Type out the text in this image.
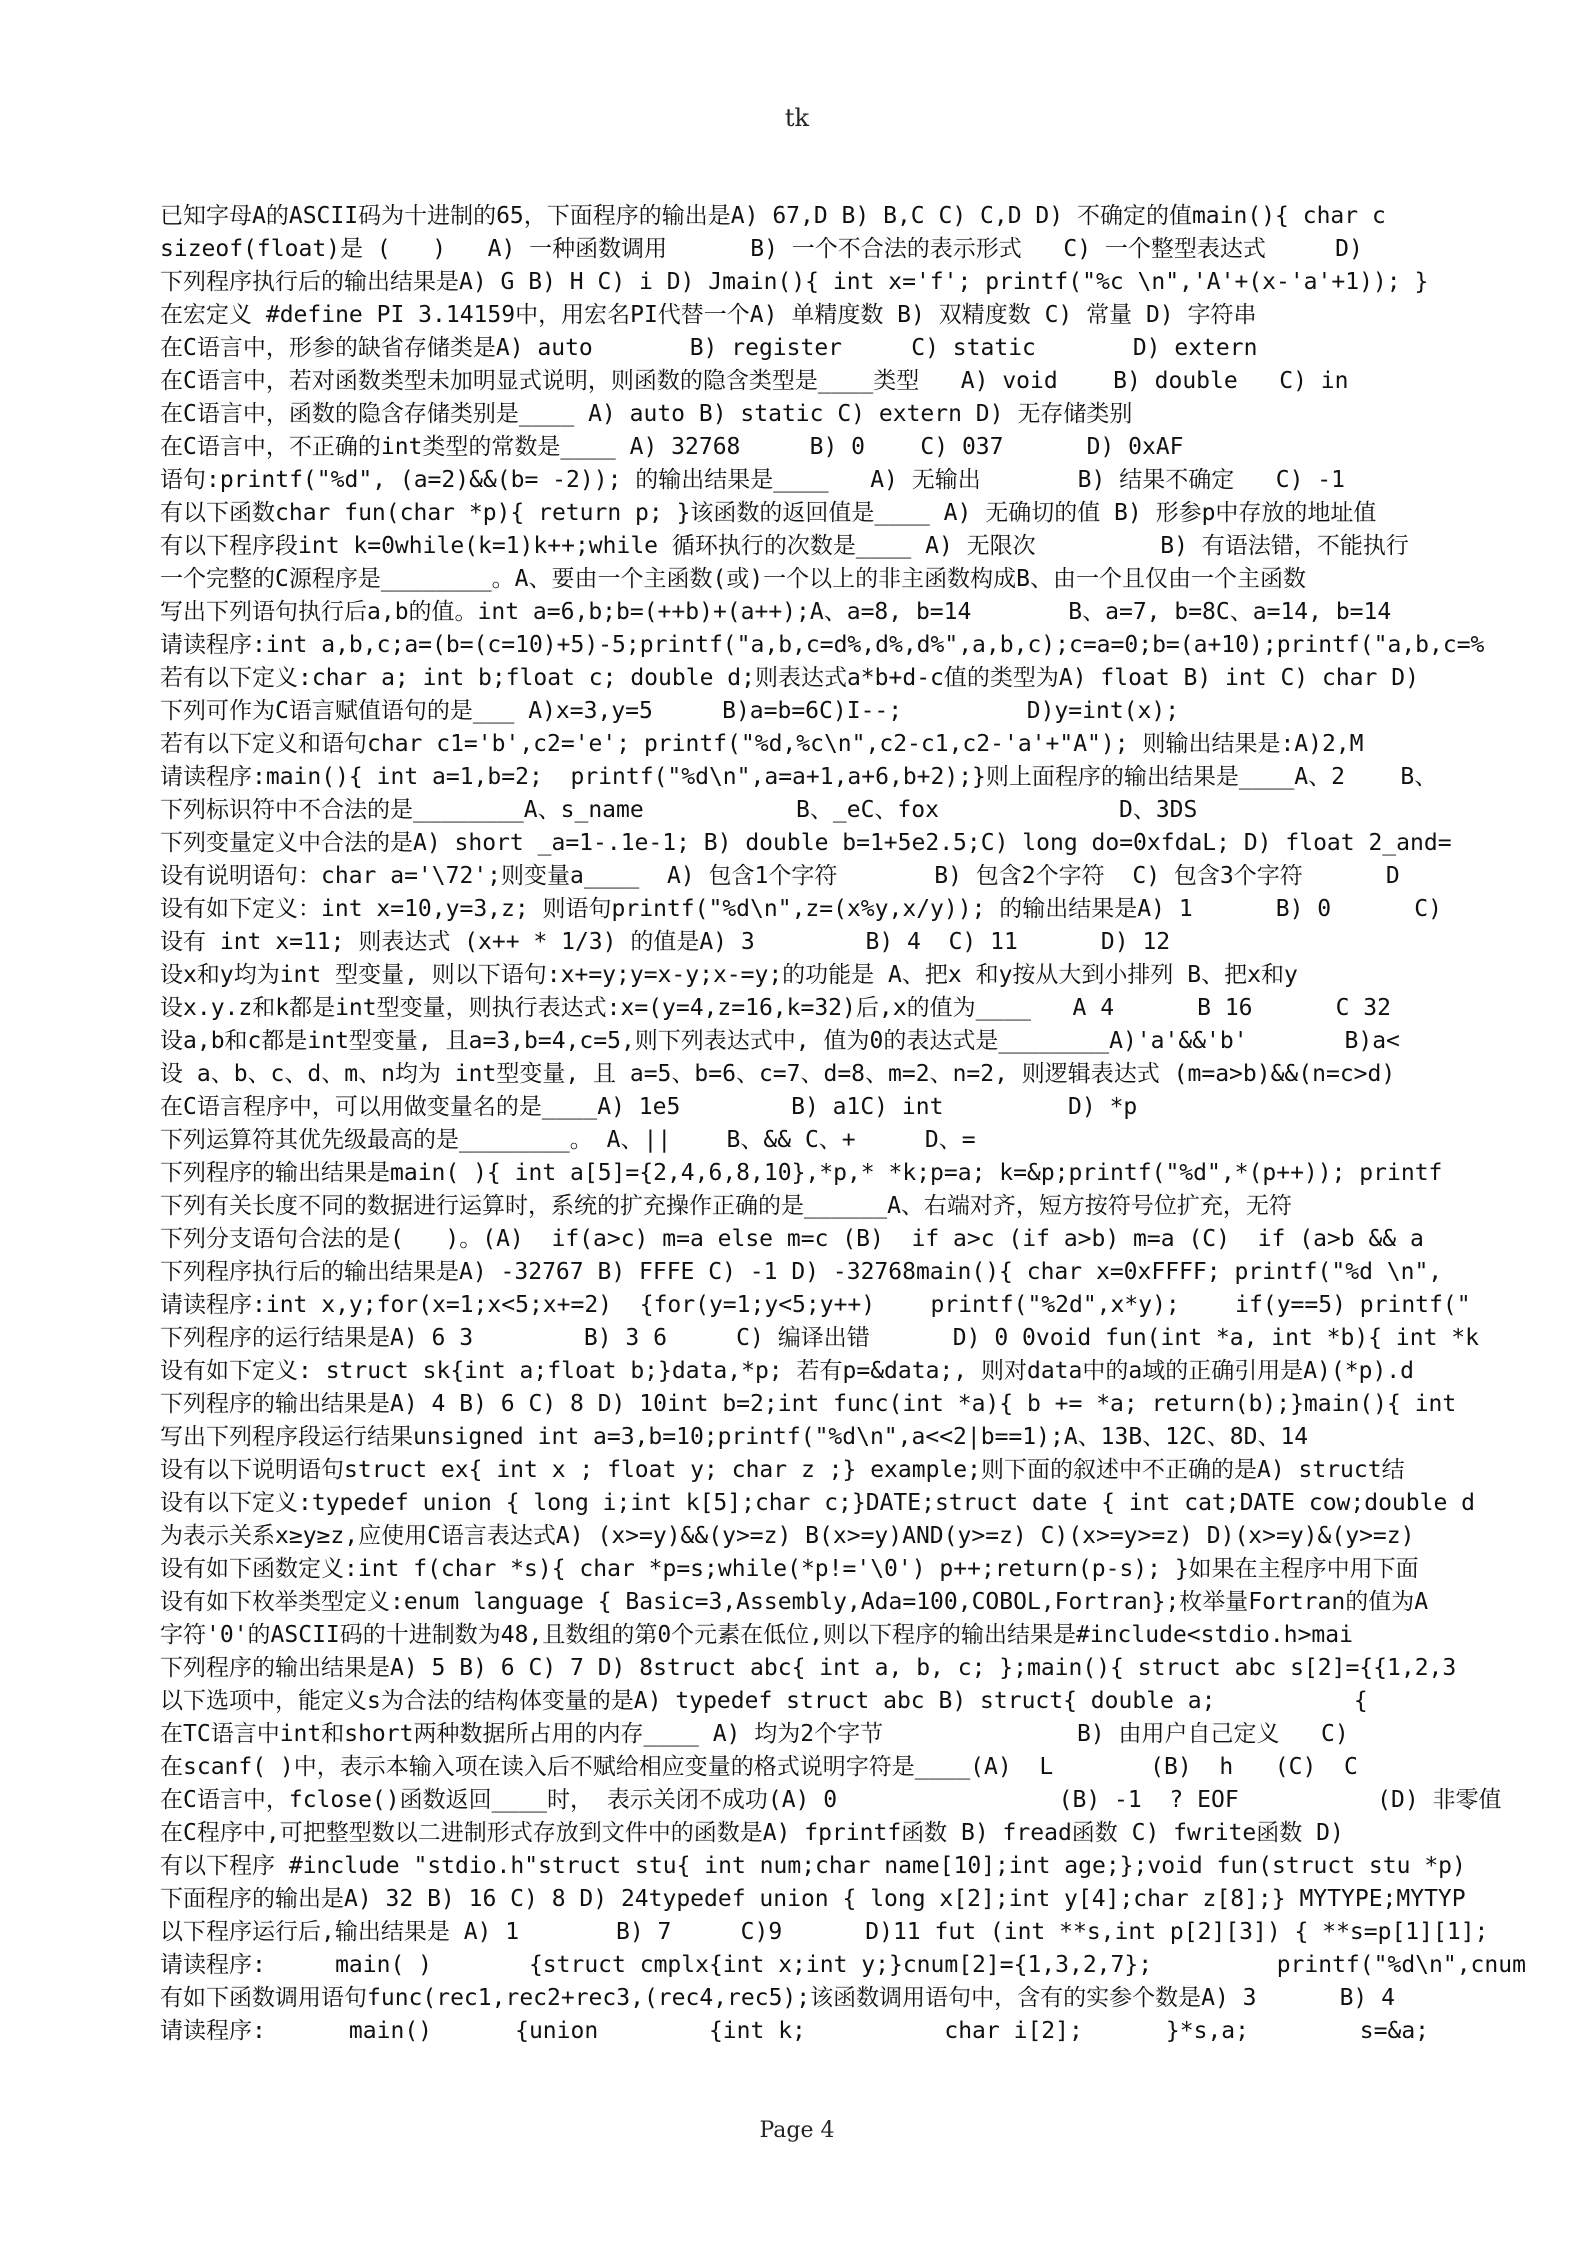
tk
已知字母A的ASCII码为十进制的65，下面程序的输出是A) 67,D B) B,C C) C,D D) 不确定的值main(){ char c
sizeof(float)是 (   )   A) 一种函数调用      B) 一个不合法的表示形式   C) 一个整型表达式     D)
下列程序执行后的输出结果是A) G B) H C) i D) Jmain(){ int x='f'; printf("%c \n",'A'+(x-'a'+1)); }
在宏定义 #define PI 3.14159中，用宏名PI代替一个A) 单精度数 B) 双精度数 C) 常量 D) 字符串
在C语言中，形参的缺省存储类是A) auto       B) register     C) static       D) extern
在C语言中，若对函数类型未加明显式说明，则函数的隐含类型是____类型   A) void    B) double   C) in
在C语言中，函数的隐含存储类别是____ A) auto B) static C) extern D) 无存储类别
在C语言中，不正确的int类型的常数是____ A) 32768     B) 0    C) 037      D) 0xAF
语句:printf("%d", (a=2)&&(b= -2)); 的输出结果是____   A) 无输出       B) 结果不确定   C) -1
有以下函数char fun(char *p){ return p; }该函数的返回值是____ A) 无确切的值 B) 形参p中存放的地址值
有以下程序段int k=0while(k=1)k++;while 循环执行的次数是____ A) 无限次         B) 有语法错，不能执行
一个完整的C源程序是________。A、要由一个主函数(或)一个以上的非主函数构成B、由一个且仅由一个主函数
写出下列语句执行后a,b的值。int a=6,b;b=(++b)+(a++);A、a=8, b=14       B、a=7, b=8C、a=14, b=14
请读程序:int a,b,c;a=(b=(c=10)+5)-5;printf("a,b,c=d%,d%,d%",a,b,c);c=a=0;b=(a+10);printf("a,b,c=%
若有以下定义:char a; int b;float c; double d;则表达式a*b+d-c值的类型为A) float B) int C) char D)
下列可作为C语言赋值语句的是___ A)x=3,y=5     B)a=b=6C)I--;         D)y=int(x);
若有以下定义和语句char c1='b',c2='e'; printf("%d,%c\n",c2-c1,c2-'a'+"A"); 则输出结果是:A)2,M
请读程序:main(){ int a=1,b=2;  printf("%d\n",a=a+1,a+6,b+2);}则上面程序的输出结果是____A、2    B、
下列标识符中不合法的是________A、s_name           B、_eC、fox             D、3DS
下列变量定义中合法的是A) short _a=1-.1e-1; B) double b=1+5e2.5;C) long do=0xfdaL; D) float 2_and=
设有说明语句：char a='\72';则变量a____  A) 包含1个字符       B) 包含2个字符  C) 包含3个字符      D
设有如下定义：int x=10,y=3,z; 则语句printf("%d\n",z=(x%y,x/y)); 的输出结果是A) 1      B) 0      C)
设有 int x=11; 则表达式 (x++ * 1/3) 的值是A) 3        B) 4  C) 11      D) 12
设x和y均为int 型变量, 则以下语句:x+=y;y=x-y;x-=y;的功能是 A、把x 和y按从大到小排列 B、把x和y
设x.y.z和k都是int型变量，则执行表达式:x=(y=4,z=16,k=32)后,x的值为____   A 4      B 16      C 32
设a,b和c都是int型变量, 且a=3,b=4,c=5,则下列表达式中, 值为0的表达式是________A)'a'&&'b'       B)a<
设 a、b、c、d、m、n均为 int型变量, 且 a=5、b=6、c=7、d=8、m=2、n=2, 则逻辑表达式 (m=a>b)&&(n=c>d)
在C语言程序中，可以用做变量名的是____A) 1e5        B) a1C) int         D) *p
下列运算符其优先级最高的是________。 A、||    B、&& C、+     D、=
下列程序的输出结果是main( ){ int a[5]={2,4,6,8,10},*p,* *k;p=a; k=&p;printf("%d",*(p++)); printf
下列有关长度不同的数据进行运算时，系统的扩充操作正确的是______A、右端对齐，短方按符号位扩充，无符
下列分支语句合法的是(   )。(A)  if(a>c) m=a else m=c (B)  if a>c (if a>b) m=a (C)  if (a>b && a
下列程序执行后的输出结果是A) -32767 B) FFFE C) -1 D) -32768main(){ char x=0xFFFF; printf("%d \n",
请读程序:int x,y;for(x=1;x<5;x+=2)  {for(y=1;y<5;y++)    printf("%2d",x*y);    if(y==5) printf("
下列程序的运行结果是A) 6 3        B) 3 6     C) 编译出错      D) 0 0void fun(int *a, int *b){ int *k
设有如下定义: struct sk{int a;float b;}data,*p; 若有p=&data;, 则对data中的a域的正确引用是A)(*p).d
下列程序的输出结果是A) 4 B) 6 C) 8 D) 10int b=2;int func(int *a){ b += *a; return(b);}main(){ int
写出下列程序段运行结果unsigned int a=3,b=10;printf("%d\n",a<<2|b==1);A、13B、12C、8D、14
设有以下说明语句struct ex{ int x ; float y; char z ;} example;则下面的叙述中不正确的是A) struct结
设有以下定义:typedef union { long i;int k[5];char c;}DATE;struct date { int cat;DATE cow;double d
为表示关系x≥y≥z,应使用C语言表达式A) (x>=y)&&(y>=z) B(x>=y)AND(y>=z) C)(x>=y>=z) D)(x>=y)&(y>=z)
设有如下函数定义:int f(char *s){ char *p=s;while(*p!='\0') p++;return(p-s); }如果在主程序中用下面
设有如下枚举类型定义:enum language { Basic=3,Assembly,Ada=100,COBOL,Fortran};枚举量Fortran的值为A
字符'0'的ASCII码的十进制数为48,且数组的第0个元素在低位,则以下程序的输出结果是#include<stdio.h>mai
下列程序的输出结果是A) 5 B) 6 C) 7 D) 8struct abc{ int a, b, c; };main(){ struct abc s[2]={{1,2,3
以下选项中，能定义s为合法的结构体变量的是A) typedef struct abc B) struct{ double a;          {
在TC语言中int和short两种数据所占用的内存____ A) 均为2个字节              B) 由用户自己定义   C)
在scanf( )中，表示本输入项在读入后不赋给相应变量的格式说明字符是____(A)  L       (B)  h   (C)  C
在C语言中，fclose()函数返回____时， 表示关闭不成功(A) 0                (B) -1  ? EOF          (D) 非零值
在C程序中,可把整型数以二进制形式存放到文件中的函数是A) fprintf函数 B) fread函数 C) fwrite函数 D)
有以下程序 #include "stdio.h"struct stu{ int num;char name[10];int age;};void fun(struct stu *p)
下面程序的输出是A) 32 B) 16 C) 8 D) 24typedef union { long x[2];int y[4];char z[8];} MYTYPE;MYTYP
以下程序运行后,输出结果是 A) 1       B) 7     C)9      D)11 fut (int **s,int p[2][3]) { **s=p[1][1];
请读程序:     main( )       {struct cmplx{int x;int y;}cnum[2]={1,3,2,7};         printf("%d\n",cnum
有如下函数调用语句func(rec1,rec2+rec3,(rec4,rec5);该函数调用语句中，含有的实参个数是A) 3      B) 4
请读程序:      main()      {union        {int k;          char i[2];      }*s,a;        s=&a;
Page 4
